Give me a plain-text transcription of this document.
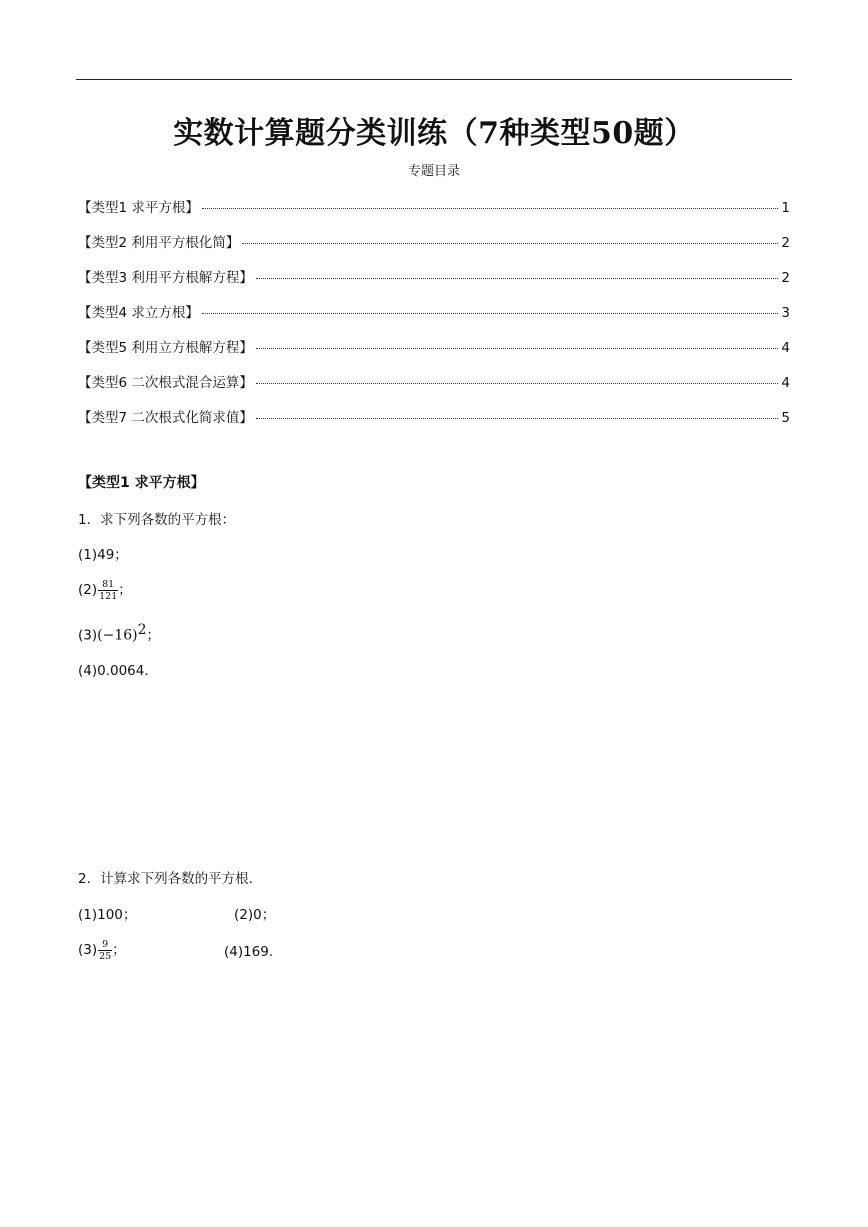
实数计算题分类训练（7种类型50题）
专题目录
【类型1 求平方根】	1
【类型2 利用平方根化简】	2
【类型3 利用平方根解方程】	2
【类型4 求立方根】	3
【类型5 利用立方根解方程】	4
【类型6 二次根式混合运算】	4
【类型7 二次根式化简求值】	5
【类型1 求平方根】
1．求下列各数的平方根：
(1)49；
$(2) \frac{81}{121}$ ；
$(3)(-16)^2$；
(4)0.0064．
2．计算求下列各数的平方根．
(1)100；	(2)0；
$(3) \frac{9}{25}$ ；	(4)169.
